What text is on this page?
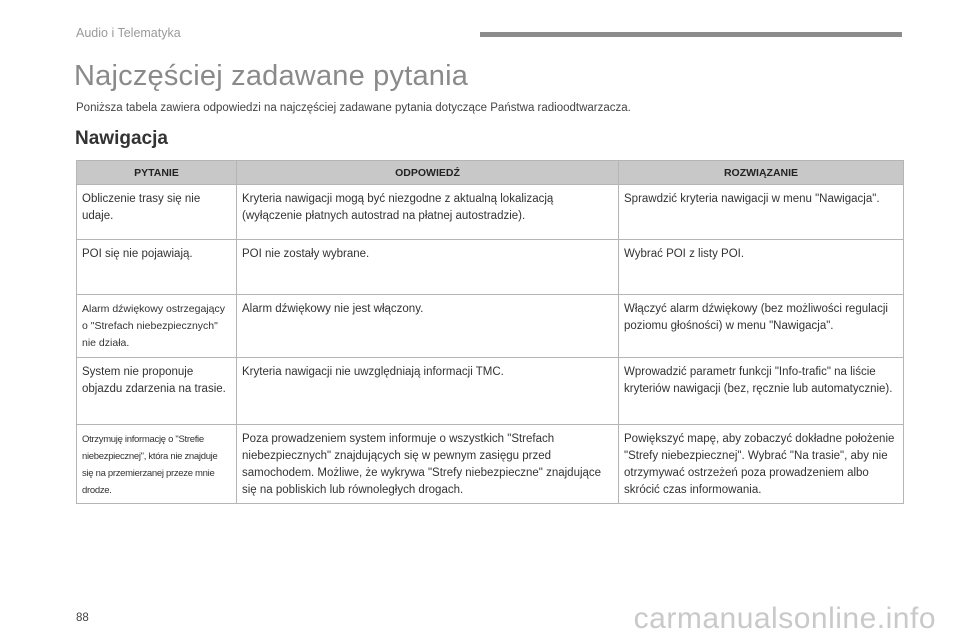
Audio i Telematyka
Najczęściej zadawane pytania
Poniższa tabela zawiera odpowiedzi na najczęściej zadawane pytania dotyczące Państwa radioodtwarzacza.
Nawigacja
PYTANIE	ODPOWIEDŹ	ROZWIĄZANIE
Obliczenie trasy się nie udaje.	Kryteria nawigacji mogą być niezgodne z aktualną lokalizacją (wyłączenie płatnych autostrad na płatnej autostradzie).	Sprawdzić kryteria nawigacji w menu "Nawigacja".
POI się nie pojawiają.	POI nie zostały wybrane.	Wybrać POI z listy POI.
Alarm dźwiękowy ostrzegający o "Strefach niebezpiecznych" nie działa.	Alarm dźwiękowy nie jest włączony.	Włączyć alarm dźwiękowy (bez możliwości regulacji poziomu głośności) w menu "Nawigacja".
System nie proponuje objazdu zdarzenia na trasie.	Kryteria nawigacji nie uwzględniają informacji TMC.	Wprowadzić parametr funkcji "Info-trafic" na liście kryteriów nawigacji (bez, ręcznie lub automatycznie).
Otrzymuję informację o "Strefie niebezpiecznej", która nie znajduje się na przemierzanej przeze mnie drodze.	Poza prowadzeniem system informuje o wszystkich "Strefach niebezpiecznych" znajdujących się w pewnym zasięgu przed samochodem. Możliwe, że wykrywa "Strefy niebezpieczne" znajdujące się na pobliskich lub równoległych drogach.	Powiększyć mapę, aby zobaczyć dokładne położenie "Strefy niebezpiecznej". Wybrać "Na trasie", aby nie otrzymywać ostrzeżeń poza prowadzeniem albo skrócić czas informowania.
88	carmanualsonline.info
